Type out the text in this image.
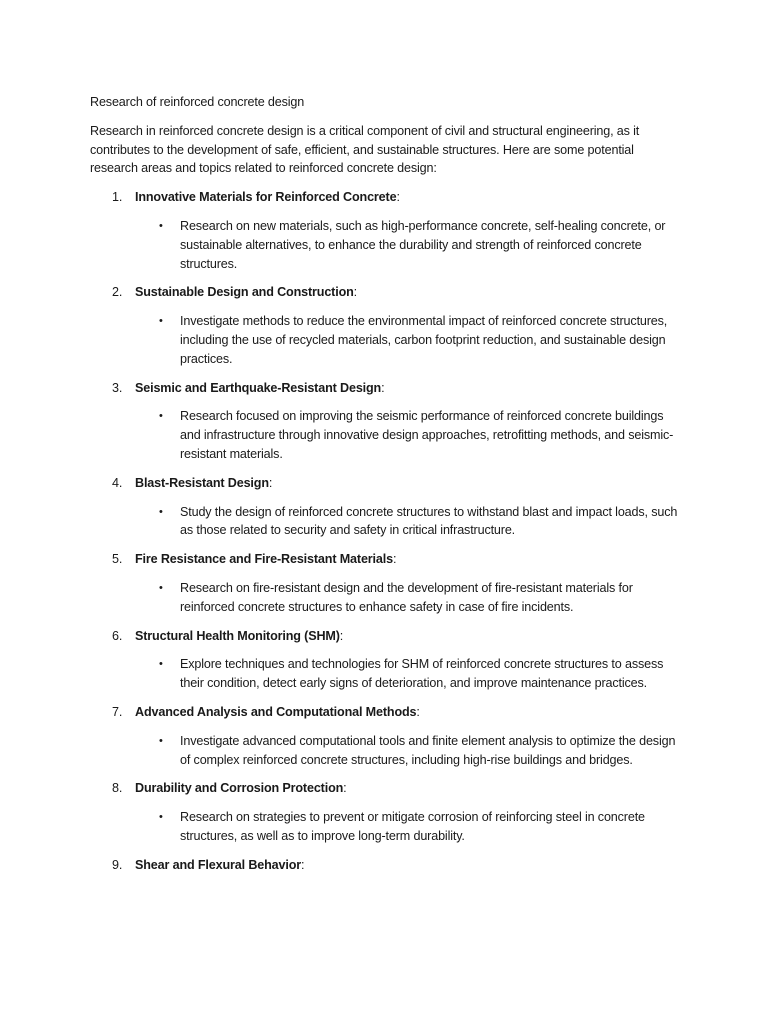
Research of reinforced concrete design

Research in reinforced concrete design is a critical component of civil and structural engineering, as it contributes to the development of safe, efficient, and sustainable structures. Here are some potential research areas and topics related to reinforced concrete design:

1. Innovative Materials for Reinforced Concrete:
• Research on new materials, such as high-performance concrete, self-healing concrete, or sustainable alternatives, to enhance the durability and strength of reinforced concrete structures.
2. Sustainable Design and Construction:
• Investigate methods to reduce the environmental impact of reinforced concrete structures, including the use of recycled materials, carbon footprint reduction, and sustainable design practices.
3. Seismic and Earthquake-Resistant Design:
• Research focused on improving the seismic performance of reinforced concrete buildings and infrastructure through innovative design approaches, retrofitting methods, and seismic-resistant materials.
4. Blast-Resistant Design:
• Study the design of reinforced concrete structures to withstand blast and impact loads, such as those related to security and safety in critical infrastructure.
5. Fire Resistance and Fire-Resistant Materials:
• Research on fire-resistant design and the development of fire-resistant materials for reinforced concrete structures to enhance safety in case of fire incidents.
6. Structural Health Monitoring (SHM):
• Explore techniques and technologies for SHM of reinforced concrete structures to assess their condition, detect early signs of deterioration, and improve maintenance practices.
7. Advanced Analysis and Computational Methods:
• Investigate advanced computational tools and finite element analysis to optimize the design of complex reinforced concrete structures, including high-rise buildings and bridges.
8. Durability and Corrosion Protection:
• Research on strategies to prevent or mitigate corrosion of reinforcing steel in concrete structures, as well as to improve long-term durability.
9. Shear and Flexural Behavior:
